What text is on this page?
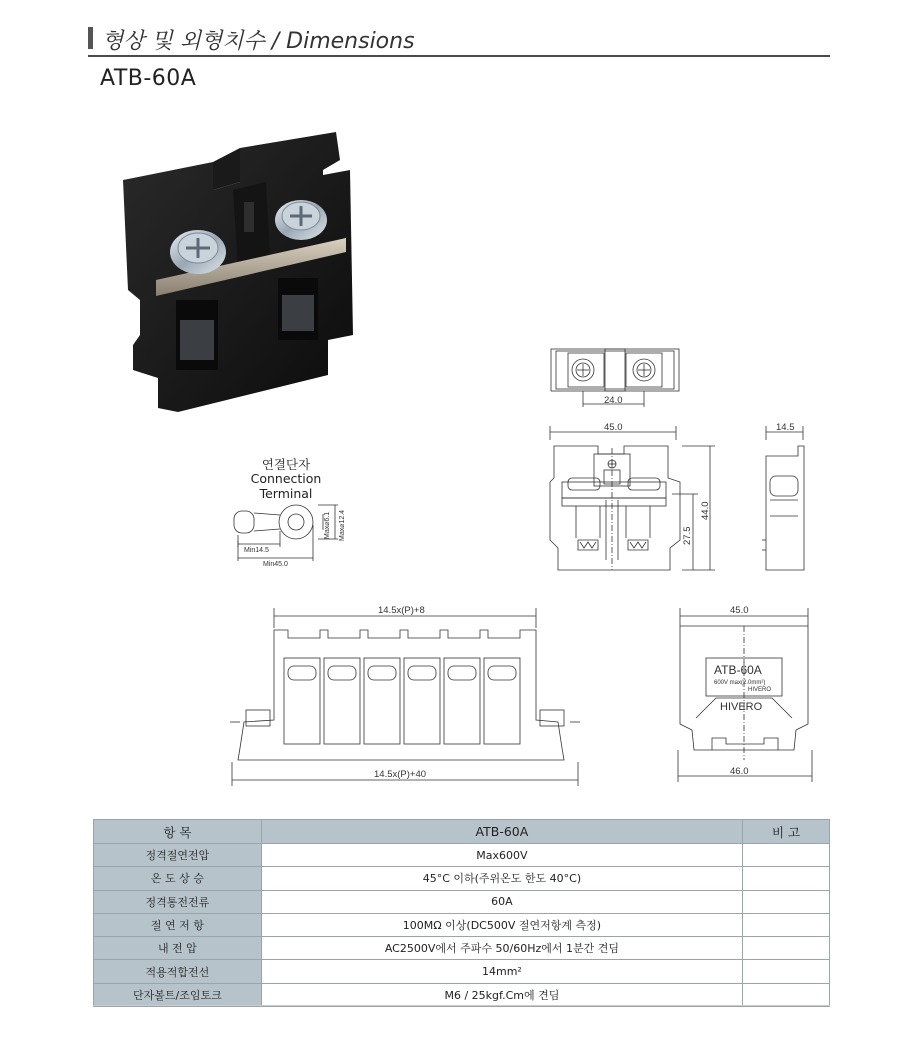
형상 및 외형치수 / Dimensions
ATB-60A
연결단자
Connection Terminal
Min14.5
Min45.0
Max⌀6.1 Max⌀12.4
24.0
45.0
44.0
27.5
14.5
14.5x(P)+8
14.5x(P)+40
45.0
46.0
ATB-60A
600V max(2.0mm²)
HIVERO
HIVERO
항 목	ATB-60A	비 고
정격절연전압	Max600V	
온 도 상 승	45°C 이하(주위온도 한도 40°C)	
정격통전전류	60A	
절 연 저 항	100MΩ 이상(DC500V 절연저항계 측정)	
내 전 압	AC2500V에서 주파수 50/60Hz에서 1분간 견딤	
적용적합전선	14mm²	
단자볼트/조임토크	M6 / 25kgf.Cm에 견딤	
